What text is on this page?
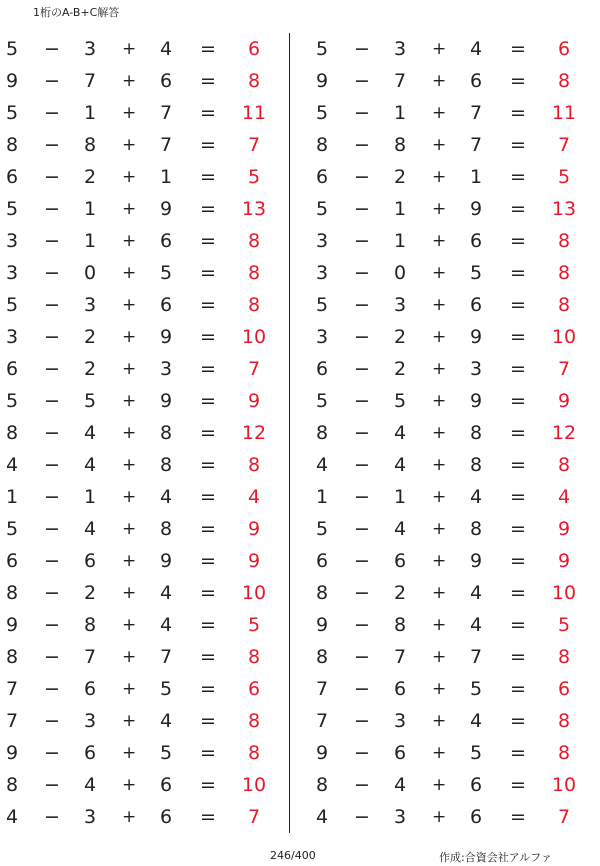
1桁のA-B+C解答
5 − 3 + 4 =	6
9 − 7 + 6 =	8
5 − 1 + 7 =	11
8 − 8 + 7 =	7
6 − 2 + 1 =	5
5 − 1 + 9 =	13
3 − 1 + 6 =	8
3 − 0 + 5 =	8
5 − 3 + 6 =	8
3 − 2 + 9 =	10
6 − 2 + 3 =	7
5 − 5 + 9 =	9
8 − 4 + 8 =	12
4 − 4 + 8 =	8
1 − 1 + 4 =	4
5 − 4 + 8 =	9
6 − 6 + 9 =	9
8 − 2 + 4 =	10
9 − 8 + 4 =	5
8 − 7 + 7 =	8
7 − 6 + 5 =	6
7 − 3 + 4 =	8
9 − 6 + 5 =	8
8 − 4 + 6 =	10
4 − 3 + 6 =	7
5 − 3 + 4 =	6
9 − 7 + 6 =	8
5 − 1 + 7 =	11
8 − 8 + 7 =	7
6 − 2 + 1 =	5
5 − 1 + 9 =	13
3 − 1 + 6 =	8
3 − 0 + 5 =	8
5 − 3 + 6 =	8
3 − 2 + 9 =	10
6 − 2 + 3 =	7
5 − 5 + 9 =	9
8 − 4 + 8 =	12
4 − 4 + 8 =	8
1 − 1 + 4 =	4
5 − 4 + 8 =	9
6 − 6 + 9 =	9
8 − 2 + 4 =	10
9 − 8 + 4 =	5
8 − 7 + 7 =	8
7 − 6 + 5 =	6
7 − 3 + 4 =	8
9 − 6 + 5 =	8
8 − 4 + 6 =	10
4 − 3 + 6 =	7
246/400	作成:合資会社アルファ
